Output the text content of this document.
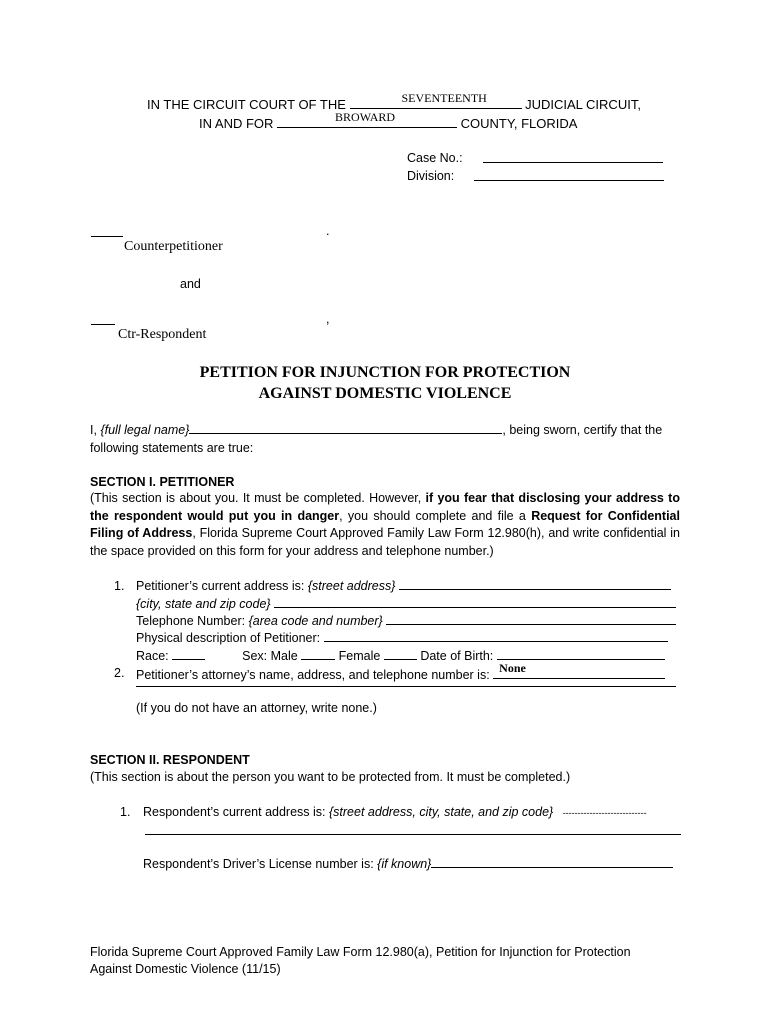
IN THE CIRCUIT COURT OF THE	SEVENTEENTH	JUDICIAL CIRCUIT,
IN AND FOR	BROWARD	COUNTY, FLORIDA
Case No.:
Division:
.
Counterpetitioner
and
,
Ctr-Respondent
PETITION FOR INJUNCTION FOR PROTECTION
AGAINST DOMESTIC VIOLENCE
I, {full legal name}	, being sworn, certify that the
following statements are true:
SECTION I. PETITIONER
(This section is about you. It must be completed. However, if you fear that disclosing your address to the respondent would put you in danger, you should complete and file a Request for Confidential Filing of Address, Florida Supreme Court Approved Family Law Form 12.980(h), and write confidential in the space provided on this form for your address and telephone number.)
1. Petitioner’s current address is: {street address}
{city, state and zip code}
Telephone Number: {area code and number}
Physical description of Petitioner:
Race:	Sex: Male	Female	Date of Birth:
2. Petitioner’s attorney’s name, address, and telephone number is: None
(If you do not have an attorney, write none.)
SECTION II. RESPONDENT
(This section is about the person you want to be protected from. It must be completed.)
1. Respondent’s current address is: {street address, city, state, and zip code} ----------------------------
Respondent’s Driver’s License number is: {if known}
Florida Supreme Court Approved Family Law Form 12.980(a), Petition for Injunction for Protection
Against Domestic Violence (11/15)
